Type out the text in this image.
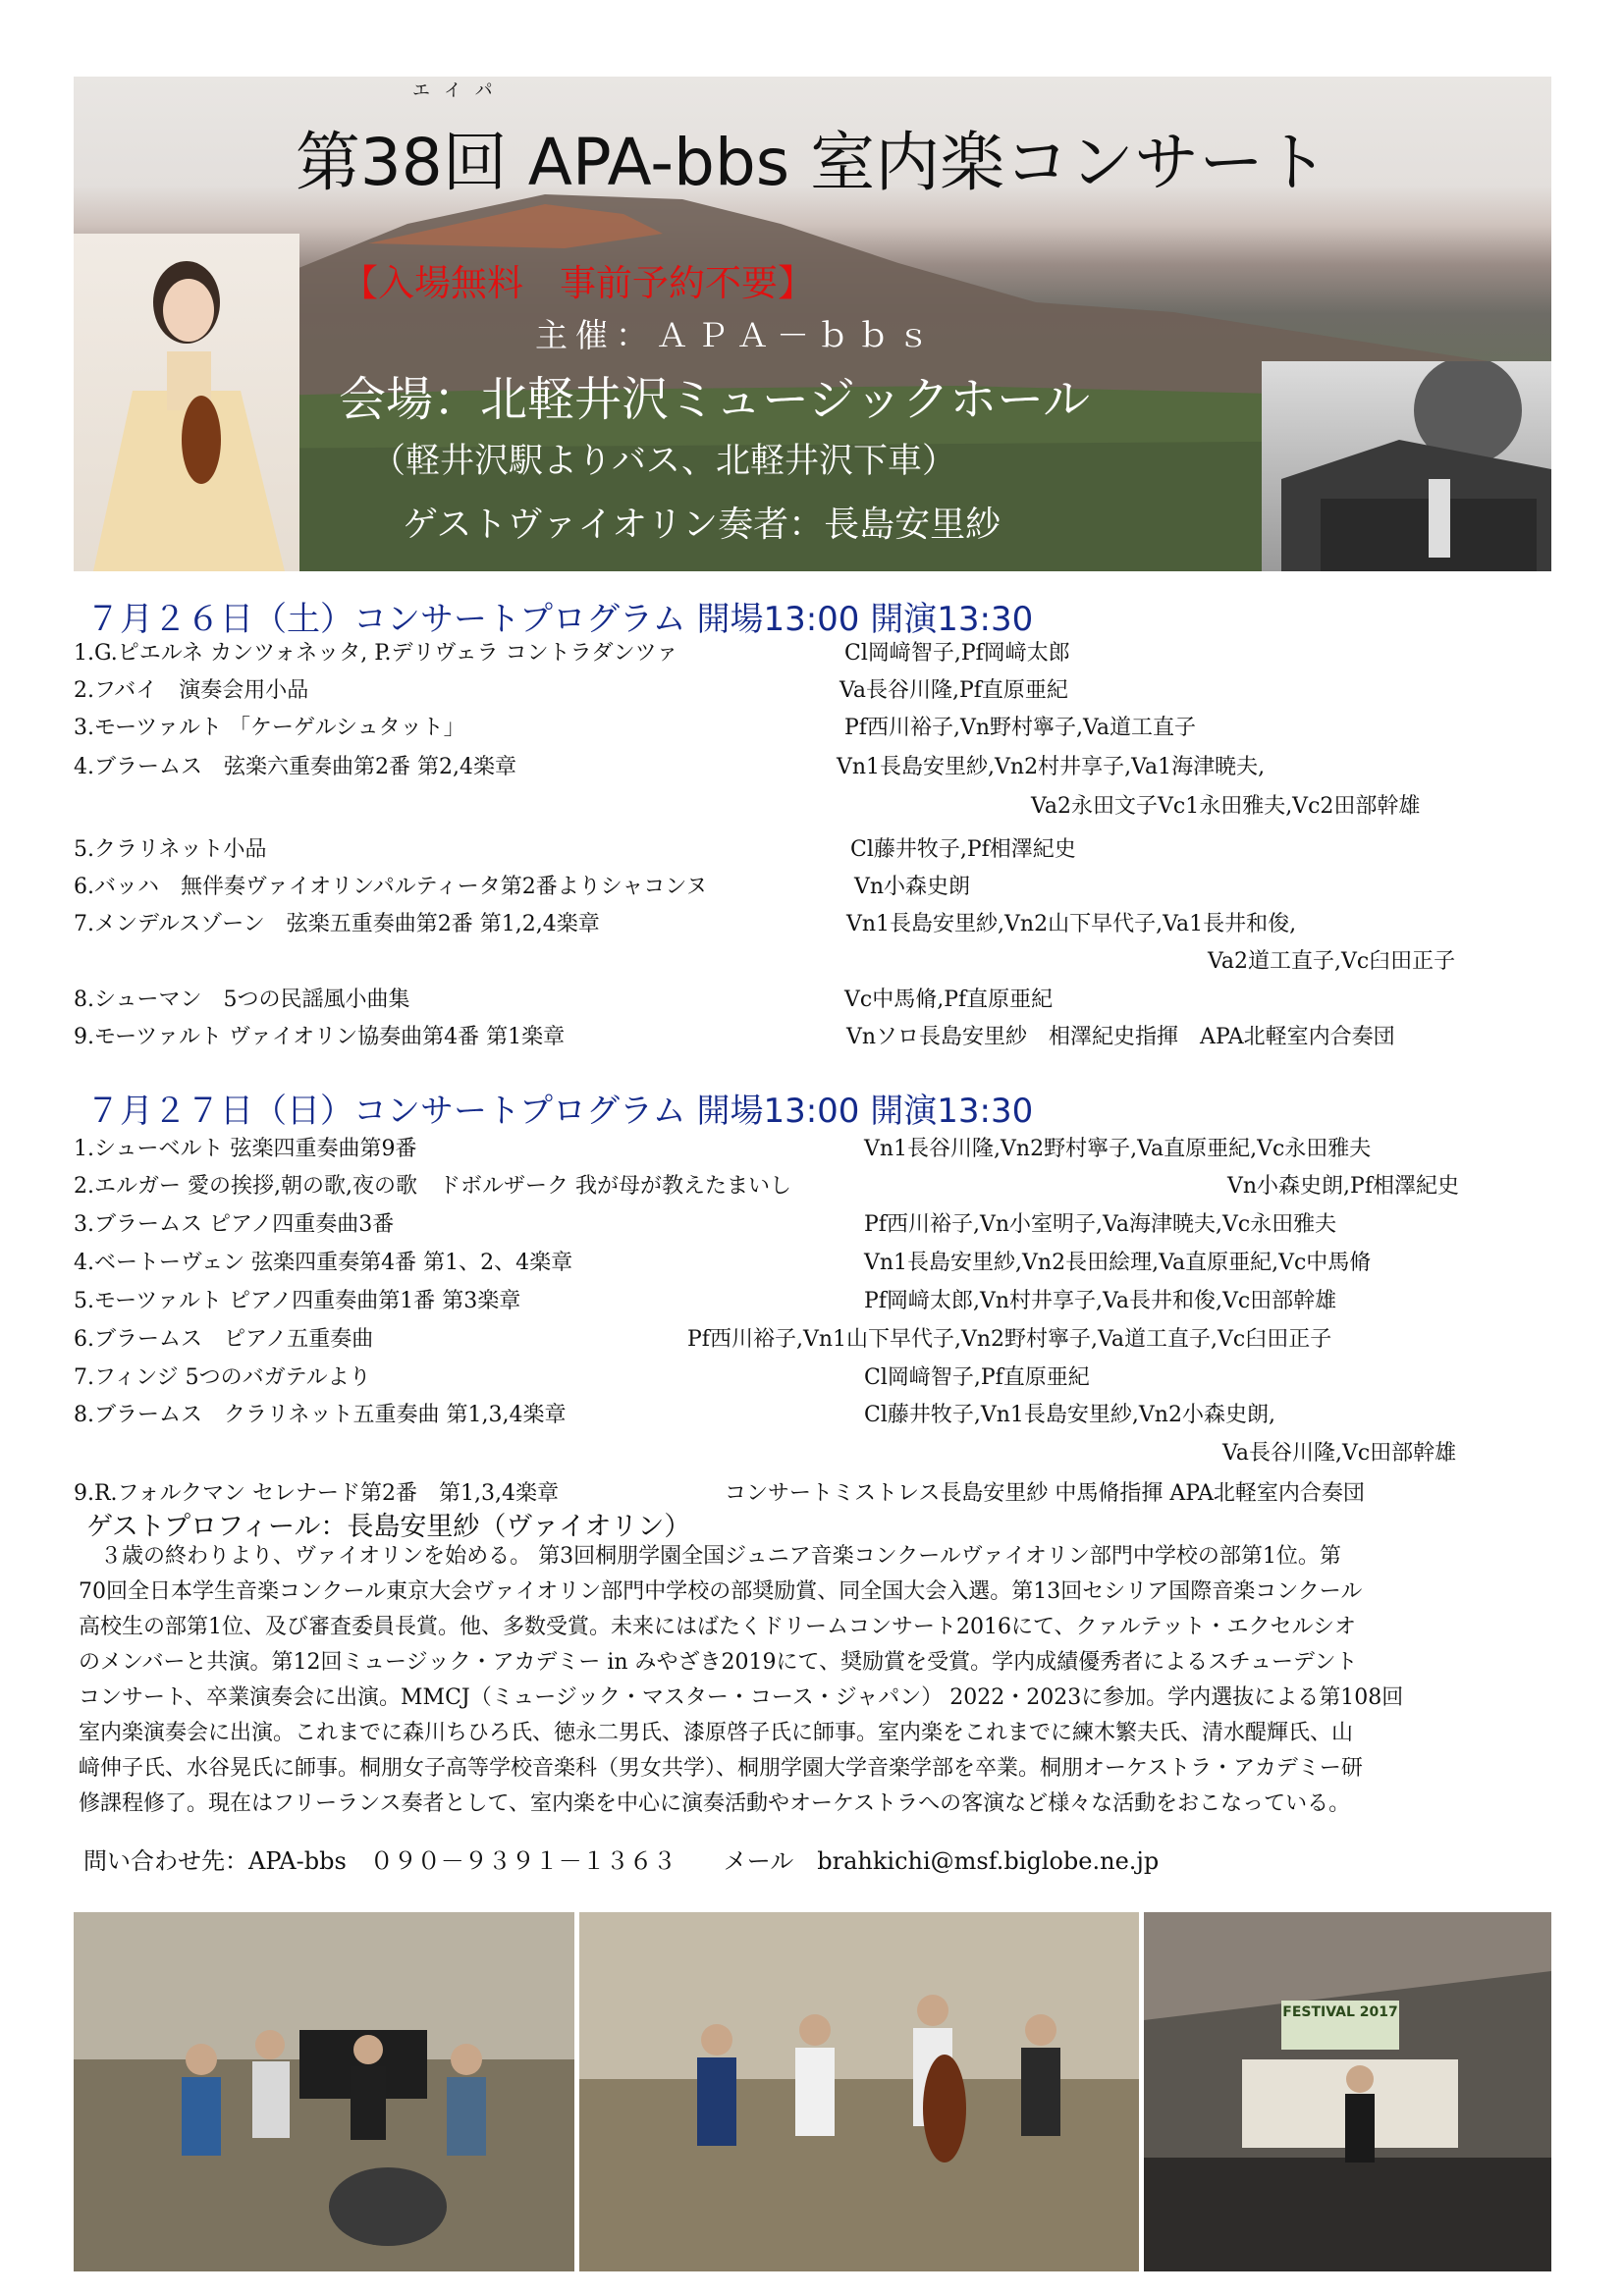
エイパ
第38回 APA-bbs 室内楽コンサート
【入場無料　事前予約不要】
主催：ＡＰＡ－ｂｂｓ
会場：北軽井沢ミュージックホール
（軽井沢駅よりバス、北軽井沢下車）
ゲストヴァイオリン奏者：長島安里紗
７月２６日（土）コンサートプログラム 開場13:00 開演13:30
1.G.ピエルネ カンツォネッタ, P.デリヴェラ コントラダンツァ	Cl岡﨑智子,Pf岡﨑太郎
2.フバイ　演奏会用小品	Va長谷川隆,Pf直原亜紀
3.モーツァルト 「ケーゲルシュタット」	Pf西川裕子,Vn野村寧子,Va道工直子
4.ブラームス　弦楽六重奏曲第2番 第2,4楽章	Vn1長島安里紗,Vn2村井享子,Va1海津暁夫,
Va2永田文子Vc1永田雅夫,Vc2田部幹雄
5.クラリネット小品	Cl藤井牧子,Pf相澤紀史
6.バッハ　無伴奏ヴァイオリンパルティータ第2番よりシャコンヌ	Vn小森史朗
7.メンデルスゾーン　弦楽五重奏曲第2番 第1,2,4楽章	Vn1長島安里紗,Vn2山下早代子,Va1長井和俊,
Va2道工直子,Vc臼田正子
8.シューマン　5つの民謡風小曲集	Vc中馬脩,Pf直原亜紀
9.モーツァルト ヴァイオリン協奏曲第4番 第1楽章	Vnソロ長島安里紗　相澤紀史指揮　APA北軽室内合奏団
７月２７日（日）コンサートプログラム 開場13:00 開演13:30
1.シューベルト 弦楽四重奏曲第9番	Vn1長谷川隆,Vn2野村寧子,Va直原亜紀,Vc永田雅夫
2.エルガー 愛の挨拶,朝の歌,夜の歌　ドボルザーク 我が母が教えたまいし	Vn小森史朗,Pf相澤紀史
3.ブラームス ピアノ四重奏曲3番	Pf西川裕子,Vn小室明子,Va海津暁夫,Vc永田雅夫
4.ベートーヴェン 弦楽四重奏第4番 第1、2、4楽章	Vn1長島安里紗,Vn2長田絵理,Va直原亜紀,Vc中馬脩
5.モーツァルト ピアノ四重奏曲第1番 第3楽章	Pf岡﨑太郎,Vn村井享子,Va長井和俊,Vc田部幹雄
6.ブラームス　ピアノ五重奏曲	Pf西川裕子,Vn1山下早代子,Vn2野村寧子,Va道工直子,Vc臼田正子
7.フィンジ 5つのバガテルより	Cl岡﨑智子,Pf直原亜紀
8.ブラームス　クラリネット五重奏曲 第1,3,4楽章	Cl藤井牧子,Vn1長島安里紗,Vn2小森史朗,
Va長谷川隆,Vc田部幹雄
9.R.フォルクマン セレナード第2番　第1,3,4楽章	コンサートミストレス長島安里紗 中馬脩指揮 APA北軽室内合奏団
ゲストプロフィール：長島安里紗（ヴァイオリン）
　３歳の終わりより、ヴァイオリンを始める。 第3回桐朋学園全国ジュニア音楽コンクールヴァイオリン部門中学校の部第1位。第
70回全日本学生音楽コンクール東京大会ヴァイオリン部門中学校の部奨励賞、同全国大会入選。第13回セシリア国際音楽コンクール
高校生の部第1位、及び審査委員長賞。他、多数受賞。未来にはばたくドリームコンサート2016にて、クァルテット・エクセルシオ
のメンバーと共演。第12回ミュージック・アカデミー in みやざき2019にて、奨励賞を受賞。学内成績優秀者によるスチューデント
コンサート、卒業演奏会に出演。MMCJ（ミュージック・マスター・コース・ジャパン） 2022・2023に参加。学内選抜による第108回
室内楽演奏会に出演。これまでに森川ちひろ氏、徳永二男氏、漆原啓子氏に師事。室内楽をこれまでに練木繁夫氏、清水醍輝氏、山
﨑伸子氏、水谷晃氏に師事。桐朋女子高等学校音楽科（男女共学）、桐朋学園大学音楽学部を卒業。桐朋オーケストラ・アカデミー研
修課程修了。現在はフリーランス奏者として、室内楽を中心に演奏活動やオーケストラへの客演など様々な活動をおこなっている。
問い合わせ先：APA-bbs　０９０－９３９１－１３６３　　メール　brahkichi@msf.biglobe.ne.jp
FESTIVAL 2017
